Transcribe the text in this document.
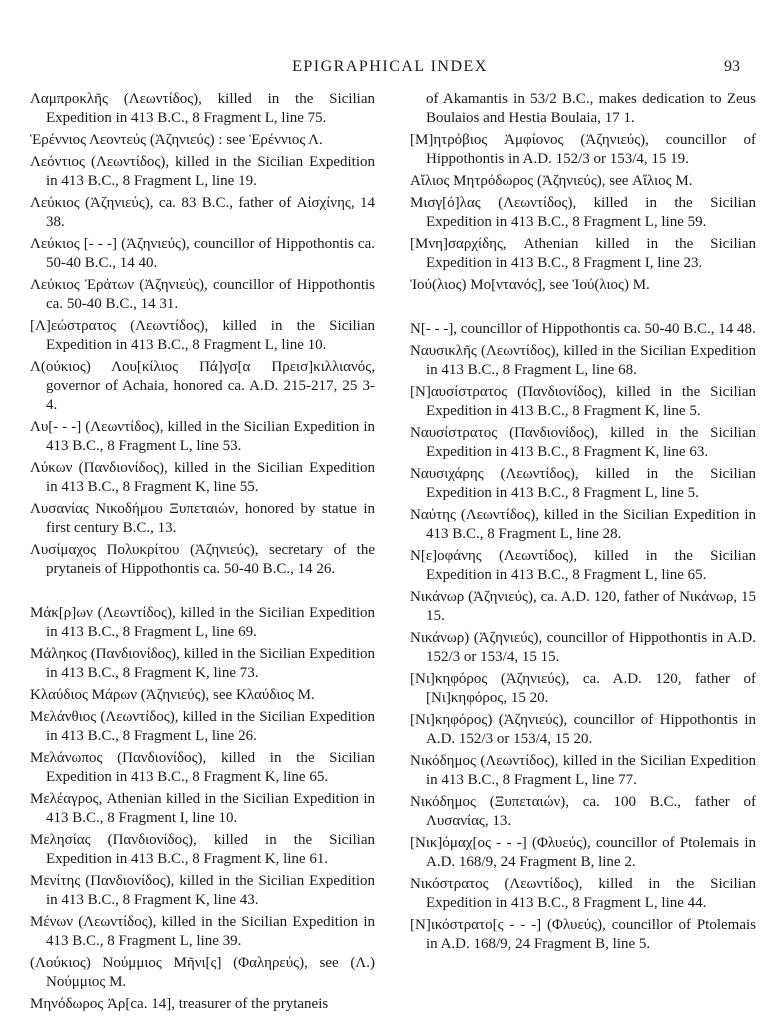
EPIGRAPHICAL INDEX	93

Λαμπροκλῆς (Λεωντίδος), killed in the Sicilian Expedition in 413 B.C., 8 Fragment L, line 75.

Ἑρέννιος Λεοντεύς (Ἀζηνιεύς) : see Ἑρέννιος Λ.

Λεόντιος (Λεωντίδος), killed in the Sicilian Expedition in 413 B.C., 8 Fragment L, line 19.

Λεύκιος (Ἀζηνιεύς), ca. 83 B.C., father of Αἰσχίνης, 14 38.

Λεύκιος [- - -] (Ἀζηνιεύς), councillor of Hippothontis ca. 50-40 B.C., 14 40.

Λεύκιος Ἐράτων (Ἀζηνιεύς), councillor of Hippothontis ca. 50-40 B.C., 14 31.

[Λ]εώστρατος (Λεωντίδος), killed in the Sicilian Expedition in 413 B.C., 8 Fragment L, line 10.

Λ(ούκιος) Λου[κίλιος Πά]γσ[α Πρεισ]κιλλιανός, governor of Achaia, honored ca. A.D. 215-217, 25 3-4.

Λυ[- - -] (Λεωντίδος), killed in the Sicilian Expedition in 413 B.C., 8 Fragment L, line 53.

Λύκων (Πανδιονίδος), killed in the Sicilian Expedition in 413 B.C., 8 Fragment K, line 55.

Λυσανίας Νικοδήμου Ξυπεταιών, honored by statue in first century B.C., 13.

Λυσίμαχος Πολυκρίτου (Ἀζηνιεύς), secretary of the prytaneis of Hippothontis ca. 50-40 B.C., 14 26.

Μάκ[ρ]ων (Λεωντίδος), killed in the Sicilian Expedition in 413 B.C., 8 Fragment L, line 69.

Μάληκος (Πανδιονίδος), killed in the Sicilian Expedition in 413 B.C., 8 Fragment K, line 73.

Κλαύδιος Μάρων (Ἀζηνιεύς), see Κλαύδιος Μ.

Μελάνθιος (Λεωντίδος), killed in the Sicilian Expedition in 413 B.C., 8 Fragment L, line 26.

Μελάνωπος (Πανδιονίδος), killed in the Sicilian Expedition in 413 B.C., 8 Fragment K, line 65.

Μελέαγρος, Athenian killed in the Sicilian Expedition in 413 B.C., 8 Fragment I, line 10.

Μελησίας (Πανδιονίδος), killed in the Sicilian Expedition in 413 B.C., 8 Fragment K, line 61.

Μενίτης (Πανδιονίδος), killed in the Sicilian Expedition in 413 B.C., 8 Fragment K, line 43.

Μένων (Λεωντίδος), killed in the Sicilian Expedition in 413 B.C., 8 Fragment L, line 39.

(Λούκιος) Νούμμιος Μῆνι[ς] (Φαληρεύς), see (Λ.) Νούμμιος Μ.

Μηνόδωρος Ἀρ[ca. 14], treasurer of the prytaneis

of Akamantis in 53/2 B.C., makes dedication to Zeus Boulaios and Hestia Boulaia, 17 1.

[Μ]ητρόβιος Ἀμφίονος (Ἀζηνιεύς), councillor of Hippothontis in A.D. 152/3 or 153/4, 15 19.

Αἴλιος Μητρόδωρος (Ἀζηνιεύς), see Αἴλιος Μ.

Μισγ[ό]λας (Λεωντίδος), killed in the Sicilian Expedition in 413 B.C., 8 Fragment L, line 59.

[Μνη]σαρχίδης, Athenian killed in the Sicilian Expedition in 413 B.C., 8 Fragment I, line 23.

Ἰού(λιος) Μο[ντανός], see Ἰού(λιος) Μ.

N[- - -], councillor of Hippothontis ca. 50-40 B.C., 14 48.

Ναυσικλῆς (Λεωντίδος), killed in the Sicilian Expedition in 413 B.C., 8 Fragment L, line 68.

[Ν]αυσίστρατος (Πανδιονίδος), killed in the Sicilian Expedition in 413 B.C., 8 Fragment K, line 5.

Ναυσίστρατος (Πανδιονίδος), killed in the Sicilian Expedition in 413 B.C., 8 Fragment K, line 63.

Ναυσιχάρης (Λεωντίδος), killed in the Sicilian Expedition in 413 B.C., 8 Fragment L, line 5.

Ναύτης (Λεωντίδος), killed in the Sicilian Expedition in 413 B.C., 8 Fragment L, line 28.

Ν[ε]οφάνης (Λεωντίδος), killed in the Sicilian Expedition in 413 B.C., 8 Fragment L, line 65.

Νικάνωρ (Ἀζηνιεύς), ca. A.D. 120, father of Νικάνωρ, 15 15.

Νικάνωρ) (Ἀζηνιεύς), councillor of Hippothontis in A.D. 152/3 or 153/4, 15 15.

[Νι]κηφόρος (Ἀζηνιεύς), ca. A.D. 120, father of [Νι]κηφόρος, 15 20.

[Νι]κηφόρος) (Ἀζηνιεύς), councillor of Hippothontis in A.D. 152/3 or 153/4, 15 20.

Νικόδημος (Λεωντίδος), killed in the Sicilian Expedition in 413 B.C., 8 Fragment L, line 77.

Νικόδημος (Ξυπεταιών), ca. 100 B.C., father of Λυσανίας, 13.

[Νικ]όμαχ[ος - - -] (Φλυεύς), councillor of Ptolemais in A.D. 168/9, 24 Fragment B, line 2.

Νικόστρατος (Λεωντίδος), killed in the Sicilian Expedition in 413 B.C., 8 Fragment L, line 44.

[Ν]ικόστρατο[ς - - -] (Φλυεύς), councillor of Ptolemais in A.D. 168/9, 24 Fragment B, line 5.
